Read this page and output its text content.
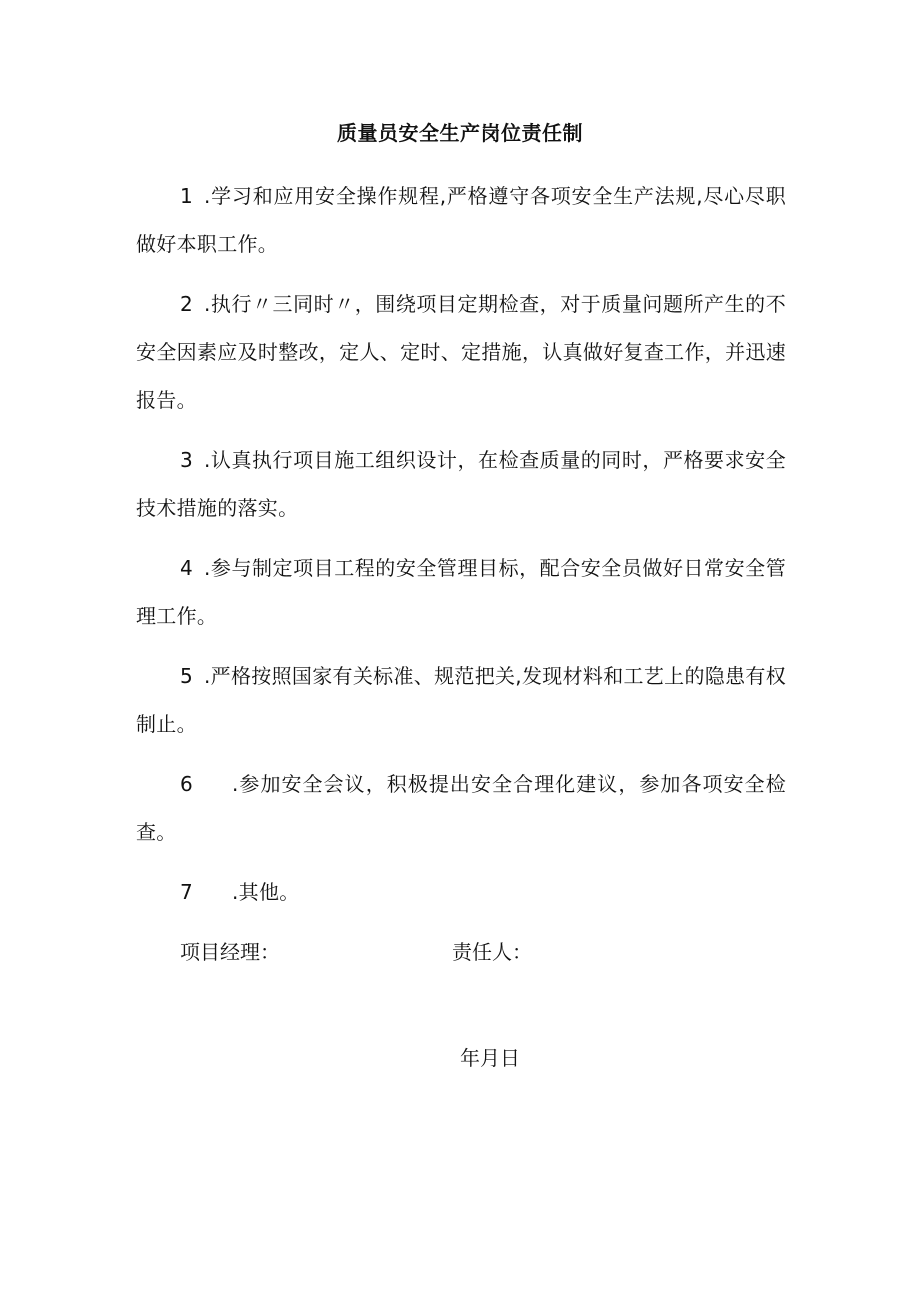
质量员安全生产岗位责任制

1 .学习和应用安全操作规程,严格遵守各项安全生产法规,尽心尽职做好本职工作。

2 .执行〃三同时〃，围绕项目定期检查，对于质量问题所产生的不安全因素应及时整改，定人、定时、定措施，认真做好复查工作，并迅速报告。

3 .认真执行项目施工组织设计，在检查质量的同时，严格要求安全技术措施的落实。

4 .参与制定项目工程的安全管理目标，配合安全员做好日常安全管理工作。

5 .严格按照国家有关标准、规范把关,发现材料和工艺上的隐患有权制止。

6 .参加安全会议，积极提出安全合理化建议，参加各项安全检查。

7 .其他。

项目经理：	责任人：
年月日
